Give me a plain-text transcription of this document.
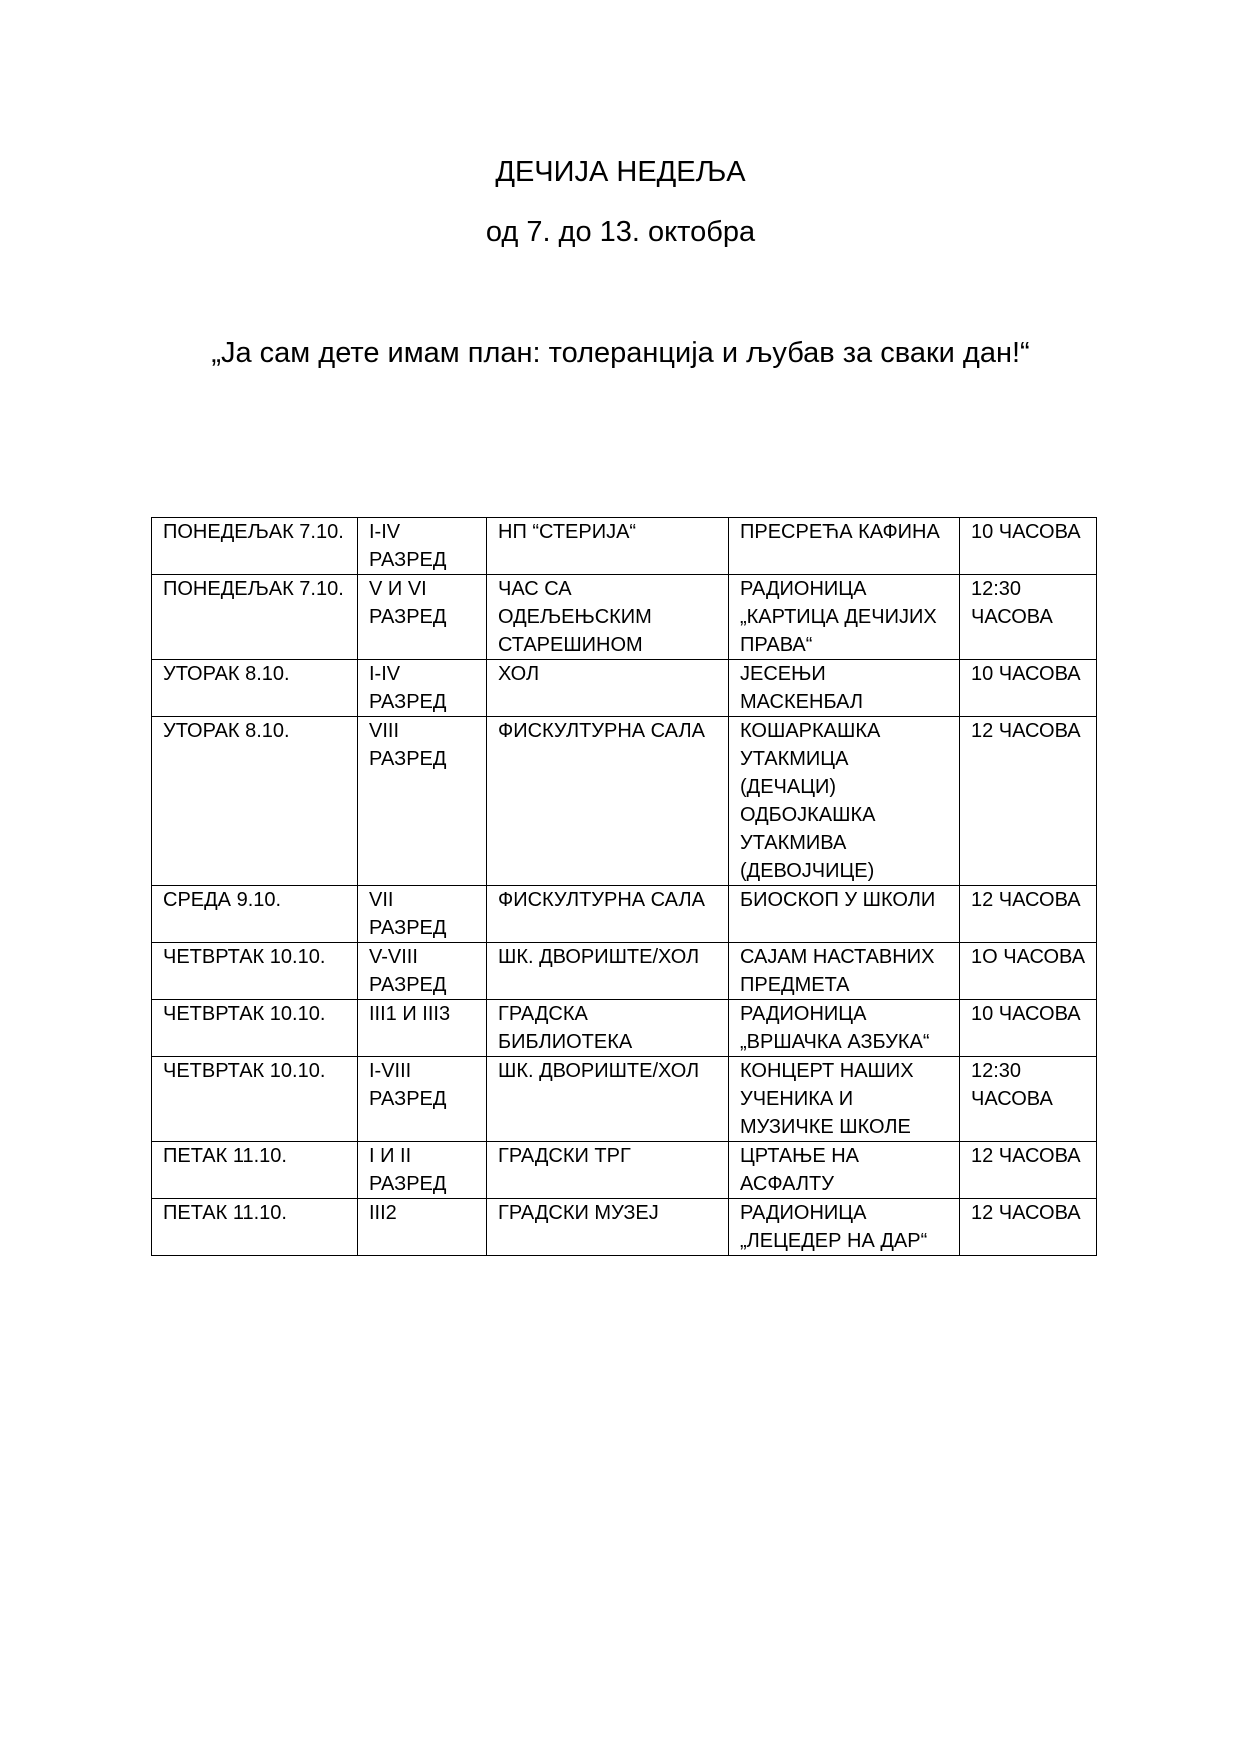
ДЕЧИЈА НЕДЕЉА

од 7. до 13. октобра

„Ја сам дете имам план: толеранција и љубав за сваки дан!“

ПОНЕДЕЉАК 7.10.	I-IV РАЗРЕД	НП “СТЕРИЈА“	ПРЕСРЕЋА КАФИНА	10 ЧАСОВА
ПОНЕДЕЉАК 7.10.	V И VI РАЗРЕД	ЧАС СА ОДЕЉЕЊСКИМ СТАРЕШИНОМ	РАДИОНИЦА „КАРТИЦА ДЕЧИЈИХ ПРАВА“	12:30 ЧАСОВА
УТОРАК 8.10.	I-IV РАЗРЕД	ХОЛ	ЈЕСЕЊИ МАСКЕНБАЛ	10 ЧАСОВА
УТОРАК 8.10.	VIII РАЗРЕД	ФИСКУЛТУРНА САЛА	КОШАРКАШКА УТАКМИЦА (ДЕЧАЦИ) ОДБОЈКАШКА УТАКМИВА (ДЕВОЈЧИЦЕ)	12 ЧАСОВА
СРЕДА 9.10.	VII РАЗРЕД	ФИСКУЛТУРНА САЛА	БИОСКОП У ШКОЛИ	12 ЧАСОВА
ЧЕТВРТАК 10.10.	V-VIII РАЗРЕД	ШК. ДВОРИШТЕ/ХОЛ	САЈАМ НАСТАВНИХ ПРЕДМЕТА	1О ЧАСОВА
ЧЕТВРТАК 10.10.	III1 И III3	ГРАДСКА БИБЛИОТЕКА	РАДИОНИЦА „ВРШАЧКА АЗБУКА“	10 ЧАСОВА
ЧЕТВРТАК 10.10.	I-VIII РАЗРЕД	ШК. ДВОРИШТЕ/ХОЛ	КОНЦЕРТ НАШИХ УЧЕНИКА И МУЗИЧКЕ ШКОЛЕ	12:30 ЧАСОВА
ПЕТАК 11.10.	I И II РАЗРЕД	ГРАДСКИ ТРГ	ЦРТАЊЕ НА АСФАЛТУ	12 ЧАСОВА
ПЕТАК 11.10.	III2	ГРАДСКИ МУЗЕЈ	РАДИОНИЦА „ЛЕЦЕДЕР НА ДАР“	12 ЧАСОВА
